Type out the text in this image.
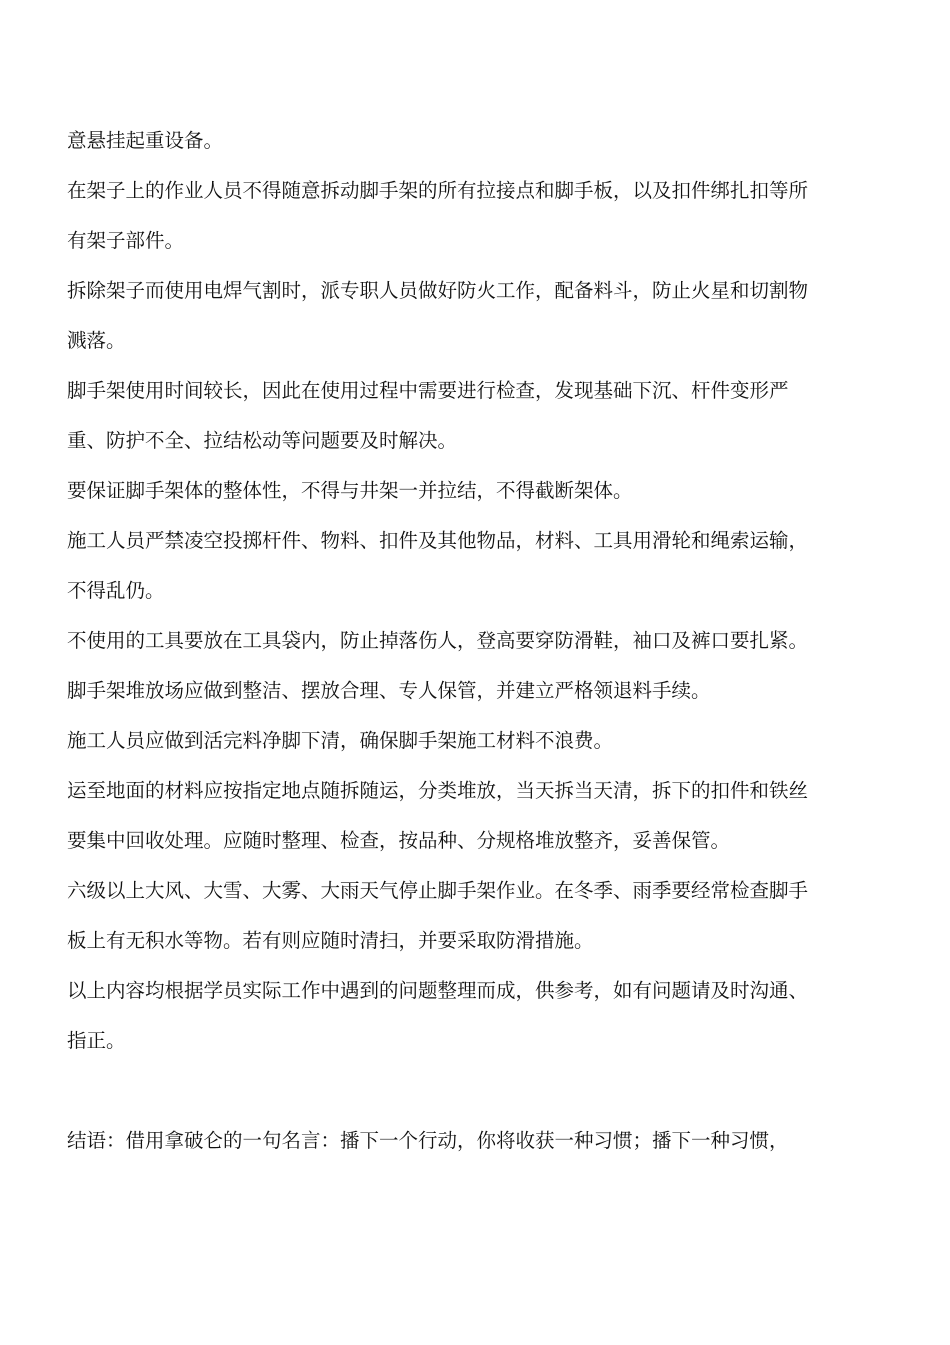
意悬挂起重设备。

在架子上的作业人员不得随意拆动脚手架的所有拉接点和脚手板，以及扣件绑扎扣等所有架子部件。

拆除架子而使用电焊气割时，派专职人员做好防火工作，配备料斗，防止火星和切割物溅落。

脚手架使用时间较长，因此在使用过程中需要进行检查，发现基础下沉、杆件变形严重、防护不全、拉结松动等问题要及时解决。

要保证脚手架体的整体性，不得与井架一并拉结，不得截断架体。

施工人员严禁凌空投掷杆件、物料、扣件及其他物品，材料、工具用滑轮和绳索运输，不得乱仍。

不使用的工具要放在工具袋内，防止掉落伤人，登高要穿防滑鞋，袖口及裤口要扎紧。

脚手架堆放场应做到整洁、摆放合理、专人保管，并建立严格领退料手续。

施工人员应做到活完料净脚下清，确保脚手架施工材料不浪费。

运至地面的材料应按指定地点随拆随运，分类堆放，当天拆当天清，拆下的扣件和铁丝要集中回收处理。应随时整理、检查，按品种、分规格堆放整齐，妥善保管。

六级以上大风、大雪、大雾、大雨天气停止脚手架作业。在冬季、雨季要经常检查脚手板上有无积水等物。若有则应随时清扫，并要采取防滑措施。

以上内容均根据学员实际工作中遇到的问题整理而成，供参考，如有问题请及时沟通、指正。

结语：借用拿破仑的一句名言：播下一个行动，你将收获一种习惯；播下一种习惯，
